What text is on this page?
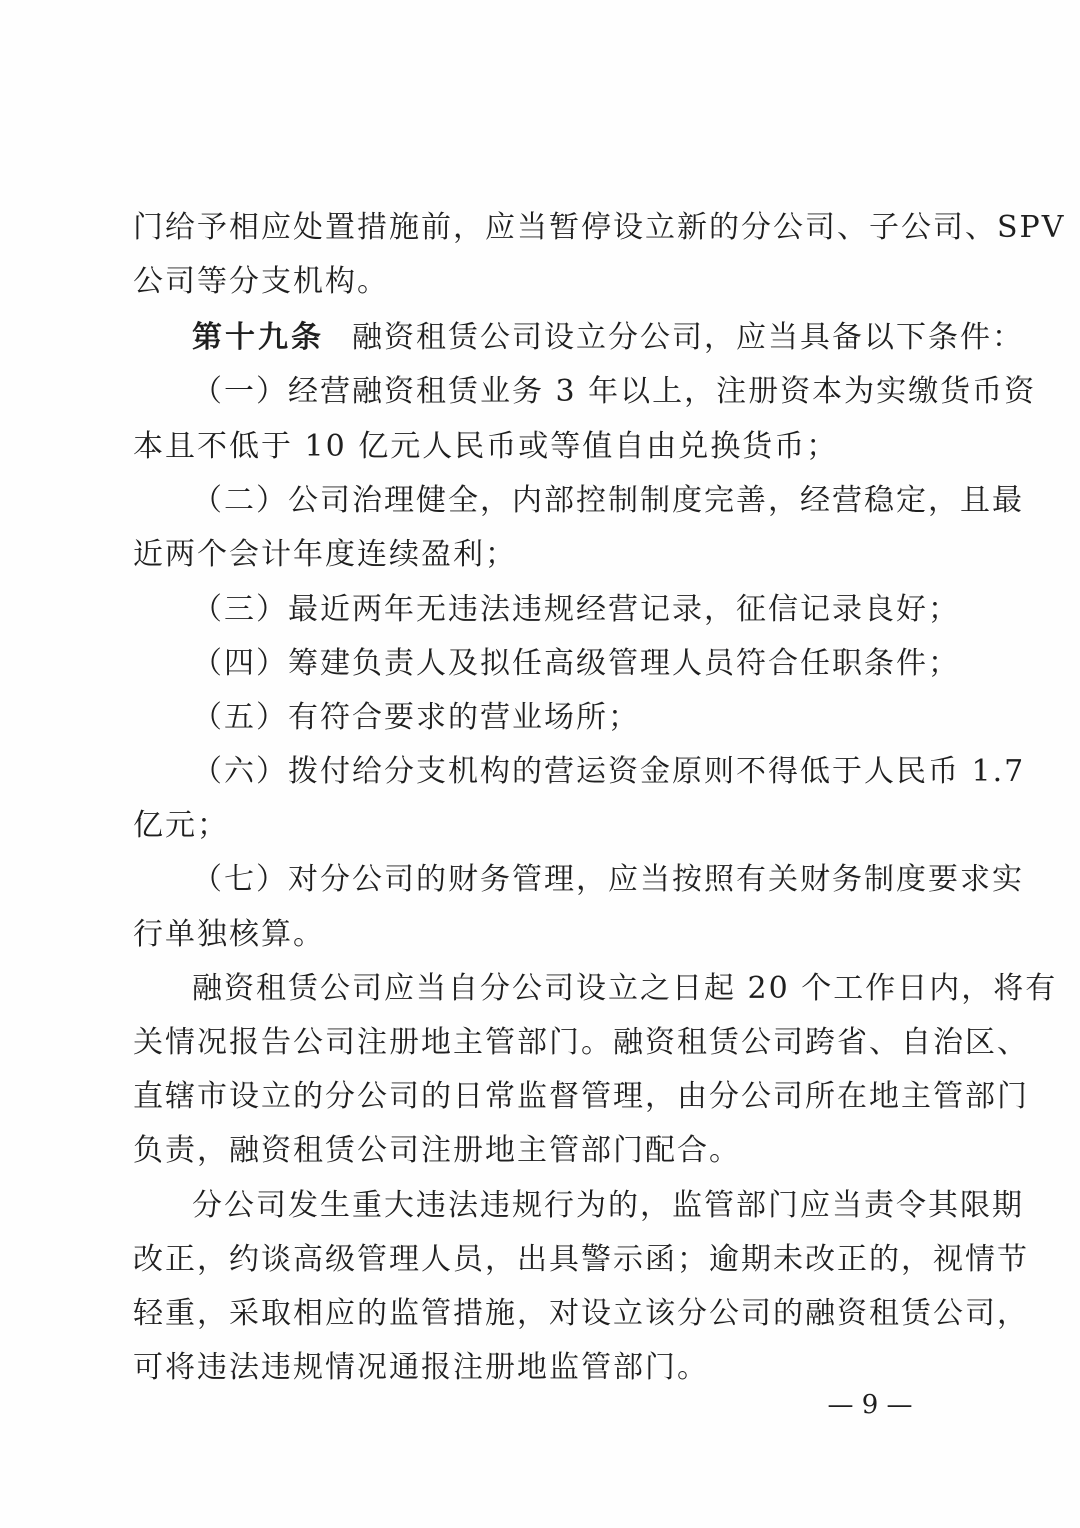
门给予相应处置措施前，应当暂停设立新的分公司、子公司、SPV
公司等分支机构。
第十九条 融资租赁公司设立分公司，应当具备以下条件：
（一）经营融资租赁业务 3 年以上，注册资本为实缴货币资
本且不低于 10 亿元人民币或等值自由兑换货币；
（二）公司治理健全，内部控制制度完善，经营稳定，且最
近两个会计年度连续盈利；
（三）最近两年无违法违规经营记录，征信记录良好；
（四）筹建负责人及拟任高级管理人员符合任职条件；
（五）有符合要求的营业场所；
（六）拨付给分支机构的营运资金原则不得低于人民币 1.7
亿元；
（七）对分公司的财务管理，应当按照有关财务制度要求实
行单独核算。
融资租赁公司应当自分公司设立之日起 20 个工作日内，将有
关情况报告公司注册地主管部门。融资租赁公司跨省、自治区、
直辖市设立的分公司的日常监督管理，由分公司所在地主管部门
负责，融资租赁公司注册地主管部门配合。
分公司发生重大违法违规行为的，监管部门应当责令其限期
改正，约谈高级管理人员，出具警示函；逾期未改正的，视情节
轻重，采取相应的监管措施，对设立该分公司的融资租赁公司，
可将违法违规情况通报注册地监管部门。
— 9 —
